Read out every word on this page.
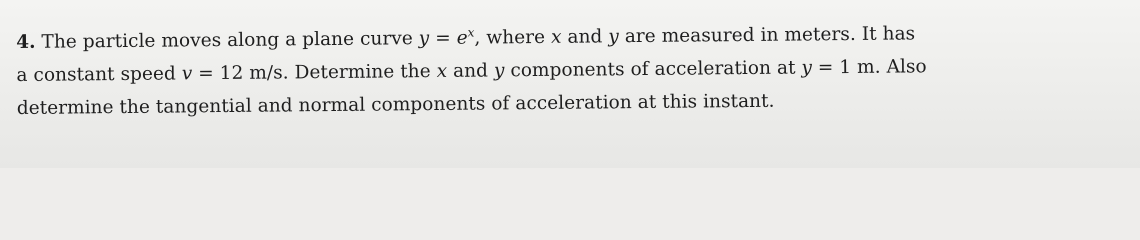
4. The particle moves along a plane curve $y = e^x$, where x and y are measured in meters. It has
a constant speed v = 12 m/s. Determine the x and y components of acceleration at y = 1 m. Also
determine the tangential and normal components of acceleration at this instant.
